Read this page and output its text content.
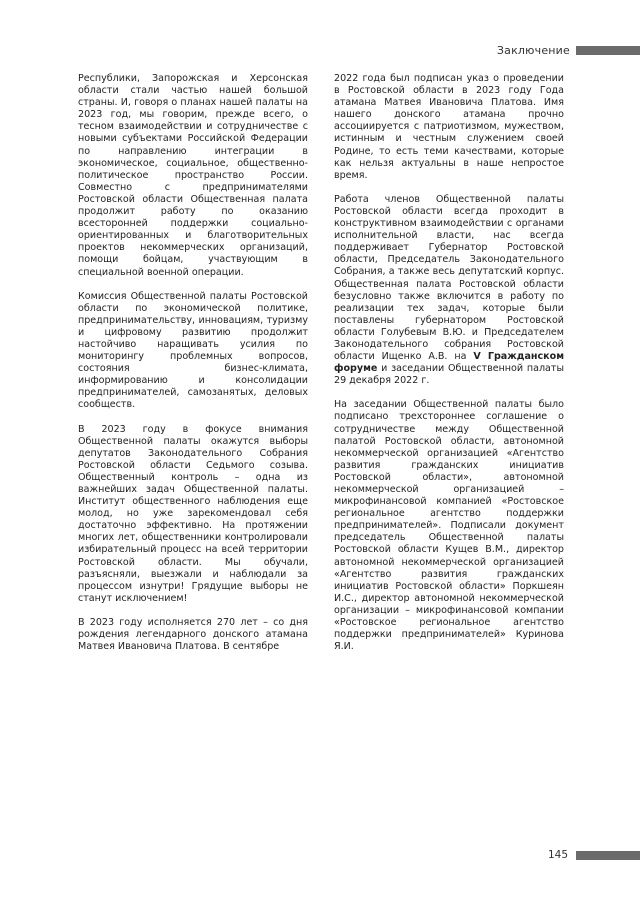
Заключение

Республики, Запорожская и Херсонская области стали частью нашей большой страны. И, говоря о планах нашей палаты на 2023 год, мы говорим, прежде всего, о тесном взаимодействии и сотрудничестве с новыми субъектами Российской Федерации по направлению интеграции в экономическое, социальное, общественно-политическое пространство России. Совместно с предпринимателями Ростовской области Общественная палата продолжит работу по оказанию всесторонней поддержки социально-ориентированных и благотворительных проектов некоммерческих организаций, помощи бойцам, участвующим в специальной военной операции.

Комиссия Общественной палаты Ростовской области по экономической политике, предпринимательству, инновациям, туризму и цифровому развитию продолжит настойчиво наращивать усилия по мониторингу проблемных вопросов, состояния бизнес-климата, информированию и консолидации предпринимателей, самозанятых, деловых сообществ.

В 2023 году в фокусе внимания Общественной палаты окажутся выборы депутатов Законодательного Собрания Ростовской области Седьмого созыва. Общественный контроль – одна из важнейших задач Общественной палаты. Институт общественного наблюдения еще молод, но уже зарекомендовал себя достаточно эффективно. На протяжении многих лет, общественники контролировали избирательный процесс на всей территории Ростовской области. Мы обучали, разъясняли, выезжали и наблюдали за процессом изнутри! Грядущие выборы не станут исключением!

В 2023 году исполняется 270 лет – со дня рождения легендарного донского атамана Матвея Ивановича Платова. В сентябре

2022 года был подписан указ о проведении в Ростовской области в 2023 году Года атамана Матвея Ивановича Платова. Имя нашего донского атамана прочно ассоциируется с патриотизмом, мужеством, истинным и честным служением своей Родине, то есть теми качествами, которые как нельзя актуальны в наше непростое время.

Работа членов Общественной палаты Ростовской области всегда проходит в конструктивном взаимодействии с органами исполнительной власти, нас всегда поддерживает Губернатор Ростовской области, Председатель Законодательного Собрания, а также весь депутатский корпус. Общественная палата Ростовской области безусловно также включится в работу по реализации тех задач, которые были поставлены губернатором Ростовской области Голубевым В.Ю. и Председателем Законодательного собрания Ростовской области Ищенко А.В. на V Гражданском форуме и заседании Общественной палаты 29 декабря 2022 г.

На заседании Общественной палаты было подписано трехстороннее соглашение о сотрудничестве между Общественной палатой Ростовской области, автономной некоммерческой организацией «Агентство развития гражданских инициатив Ростовской области», автономной некоммерческой организацией – микрофинансовой компанией «Ростовское региональное агентство поддержки предпринимателей». Подписали документ председатель Общественной палаты Ростовской области Кущев В.М., директор автономной некоммерческой организацией «Агентство развития гражданских инициатив Ростовской области» Поркшеян И.С., директор автономной некоммерческой организации – микрофинансовой компании «Ростовское региональное агентство поддержки предпринимателей» Куринова Я.И.

145
